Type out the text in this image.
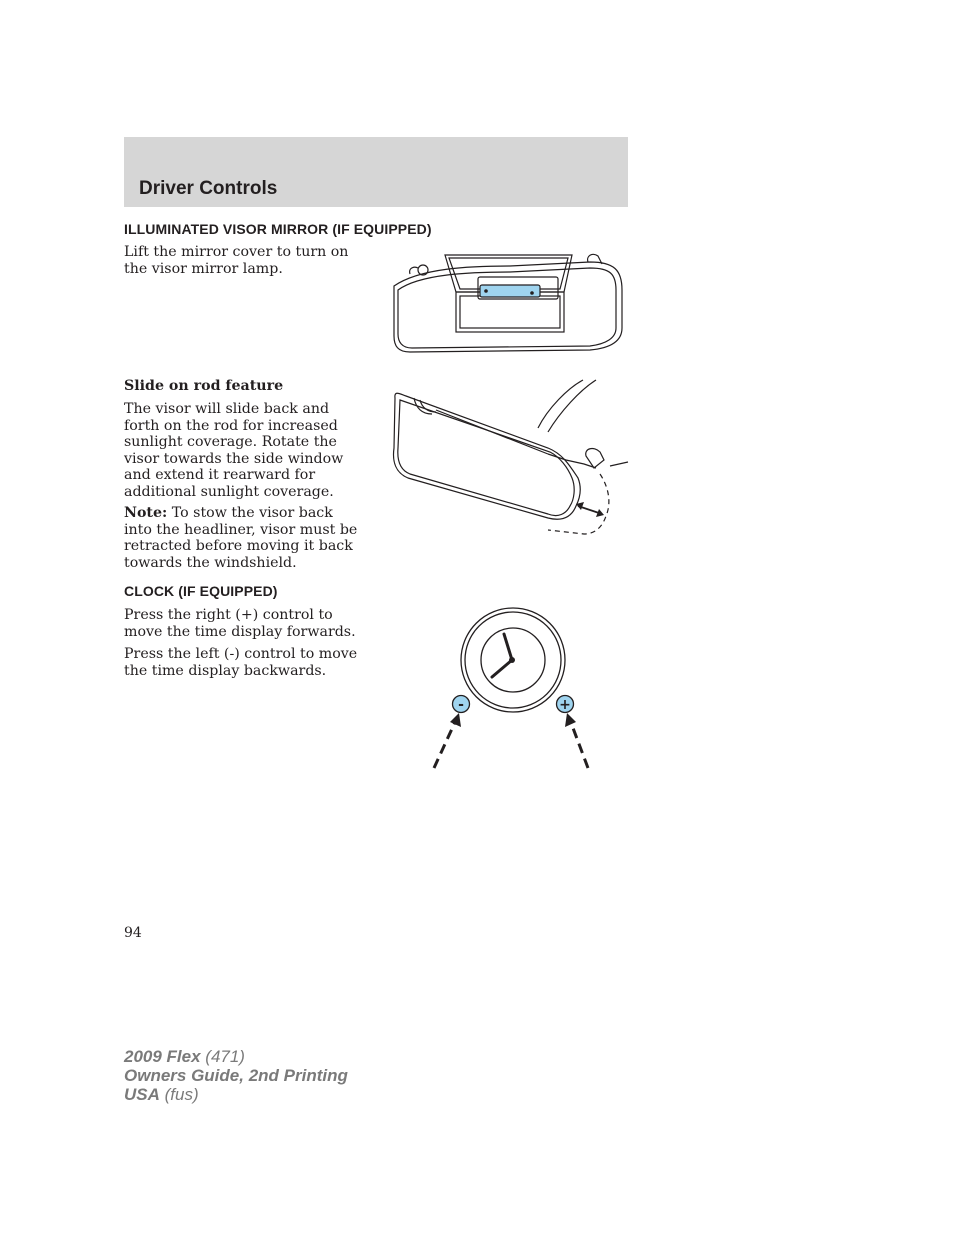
Driver Controls
ILLUMINATED VISOR MIRROR (IF EQUIPPED)
Lift the mirror cover to turn on the visor mirror lamp.
Slide on rod feature
The visor will slide back and forth on the rod for increased sunlight coverage. Rotate the visor towards the side window and extend it rearward for additional sunlight coverage.
Note: To stow the visor back into the headliner, visor must be retracted before moving it back towards the windshield.
CLOCK (IF EQUIPPED)
Press the right (+) control to move the time display forwards.
Press the left (-) control to move the time display backwards.
-	+
94
2009 Flex (471)
Owners Guide, 2nd Printing
USA (fus)
